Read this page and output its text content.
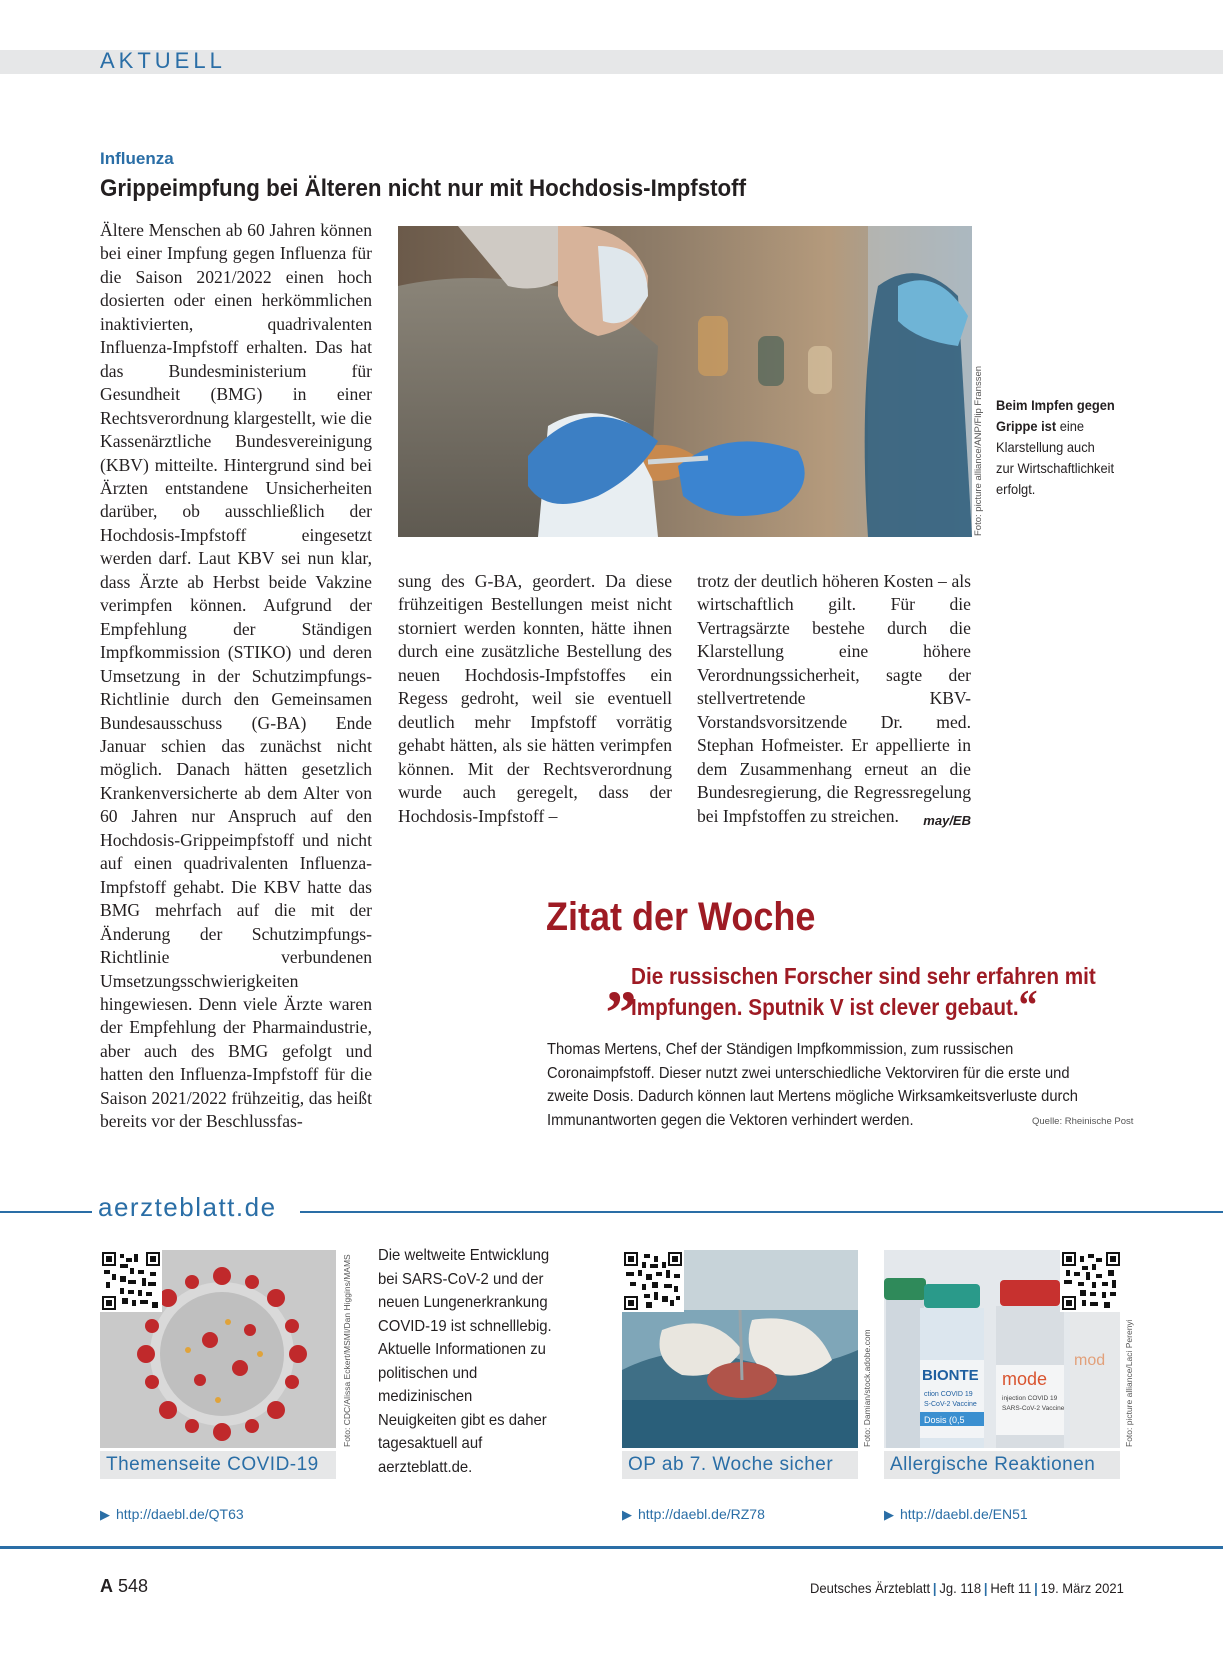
AKTUELL
Influenza
Grippeimpfung bei Älteren nicht nur mit Hochdosis-Impfstoff

Ältere Menschen ab 60 Jahren können bei einer Impfung gegen Influenza für die Saison 2021/2022 einen hoch dosierten oder einen herkömmlichen inaktivierten, quadrivalenten Influenza-Impfstoff erhalten. Das hat das Bundesministerium für Gesundheit (BMG) in einer Rechtsverordnung klargestellt, wie die Kassenärztliche Bundesvereinigung (KBV) mitteilte. Hintergrund sind bei Ärzten entstandene Unsicherheiten darüber, ob ausschließlich der Hochdosis-Impfstoff eingesetzt werden darf. Laut KBV sei nun klar, dass Ärzte ab Herbst beide Vakzine verimpfen können. Aufgrund der Empfehlung der Ständigen Impfkommission (STIKO) und deren Umsetzung in der Schutzimpfungs-Richtlinie durch den Gemeinsamen Bundesausschuss (G-BA) Ende Januar schien das zunächst nicht möglich. Danach hätten gesetzlich Krankenversicherte ab dem Alter von 60 Jahren nur Anspruch auf den Hochdosis-Grippeimpfstoff und nicht auf einen quadrivalenten Influenza-Impfstoff gehabt. Die KBV hatte das BMG mehrfach auf die mit der Änderung der Schutzimpfungs-Richtlinie verbundenen Umsetzungsschwierigkeiten hingewiesen. Denn viele Ärzte waren der Empfehlung der Pharmaindustrie, aber auch des BMG gefolgt und hatten den Influenza-Impfstoff für die Saison 2021/2022 frühzeitig, das heißt bereits vor der Beschlussfas-

Foto: picture alliance/ANP/Flip Franssen Beim Impfen gegen Grippe ist eine Klarstellung auch zur Wirtschaftlichkeit erfolgt.

sung des G-BA, geordert. Da diese frühzeitigen Bestellungen meist nicht storniert werden konnten, hätte ihnen durch eine zusätzliche Bestellung des neuen Hochdosis-Impfstoffes ein Regess gedroht, weil sie eventuell deutlich mehr Impfstoff vorrätig gehabt hätten, als sie hätten verimpfen können. Mit der Rechtsverordnung wurde auch geregelt, dass der Hochdosis-Impfstoff –

trotz der deutlich höheren Kosten – als wirtschaftlich gilt. Für die Vertragsärzte bestehe durch die Klarstellung eine höhere Verordnungssicherheit, sagte der stellvertretende KBV-Vorstandsvorsitzende Dr. med. Stephan Hofmeister. Er appellierte in dem Zusammenhang erneut an die Bundesregierung, die Regressregelung bei Impfstoffen zu streichen. may/EB
Zitat der Woche
„
Die russischen Forscher sind sehr erfahren mit Impfungen. Sputnik V ist clever gebaut.“
Thomas Mertens, Chef der Ständigen Impfkommission, zum russischen Coronaimpfstoff. Dieser nutzt zwei unterschiedliche Vektorviren für die erste und zweite Dosis. Dadurch können laut Mertens mögliche Wirksamkeitsverluste durch Immunantworten gegen die Vektoren verhindert werden.	Quelle: Rheinische Post
aerzteblatt.de
Foto: CDC/Alissa Eckert/MSMI/Dan Higgins/MAMS
Themenseite COVID-19
▶ http://daebl.de/QT63
Die weltweite Entwicklung bei SARS-CoV-2 und der neuen Lungenerkrankung COVID-19 ist schnelllebig. Aktuelle Informationen zu politischen und medizinischen Neuigkeiten gibt es daher tagesaktuell auf aerzteblatt.de.
Foto: Damian/stock.adobe.com
OP ab 7. Woche sicher
▶ http://daebl.de/RZ78
BIONTE
ction COVID 19
S-CoV-2 Vaccine
Dosis (0,5
mode
injection COVID 19
SARS-CoV-2 Vaccine
mod Foto: picture alliance/Laci Perenyi
Allergische Reaktionen
▶ http://daebl.de/EN51
A 548	Deutsches Ärzteblatt | Jg. 118 | Heft 11 | 19. März 2021
